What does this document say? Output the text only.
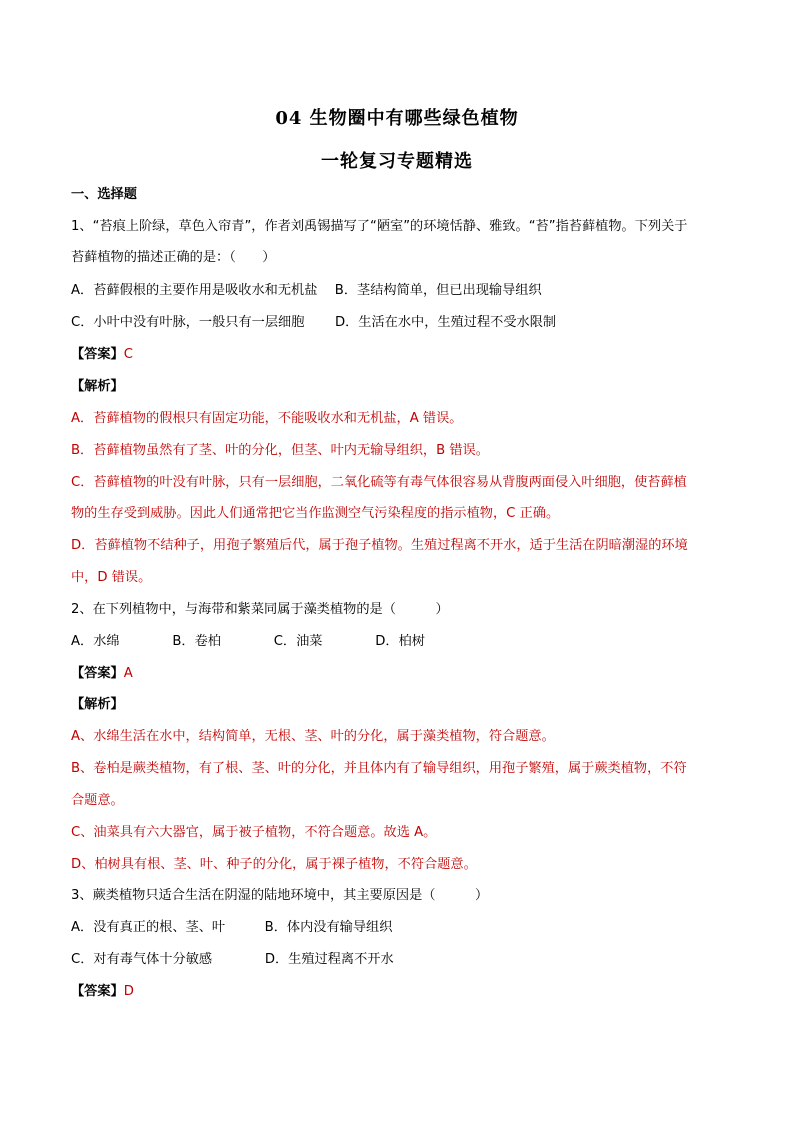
04 生物圈中有哪些绿色植物
一轮复习专题精选
一、选择题
1、“苔痕上阶绿，草色入帘青”，作者刘禹锡描写了“陋室”的环境恬静、雅致。“苔”指苔藓植物。下列关于
苔藓植物的描述正确的是：（　　）
A．苔藓假根的主要作用是吸收水和无机盐　 B．茎结构简单，但已出现输导组织
C．小叶中没有叶脉，一般只有一层细胞　　 D．生活在水中，生殖过程不受水限制
【答案】C
【解析】
A．苔藓植物的假根只有固定功能，不能吸收水和无机盐，A 错误。
B．苔藓植物虽然有了茎、叶的分化，但茎、叶内无输导组织，B 错误。
C．苔藓植物的叶没有叶脉，只有一层细胞，二氧化硫等有毒气体很容易从背腹两面侵入叶细胞，使苔藓植
物的生存受到威胁。因此人们通常把它当作监测空气污染程度的指示植物，C 正确。
D．苔藓植物不结种子，用孢子繁殖后代，属于孢子植物。生殖过程离不开水，适于生活在阴暗潮湿的环境
中，D 错误。
2、在下列植物中，与海带和紫菜同属于藻类植物的是（　　　）
A．水绵　　　　B．卷柏　　　　C．油菜　　　　D．柏树
【答案】A
【解析】
A、水绵生活在水中，结构简单，无根、茎、叶的分化，属于藻类植物，符合题意。
B、卷柏是蕨类植物，有了根、茎、叶的分化，并且体内有了输导组织，用孢子繁殖，属于蕨类植物，不符
合题意。
C、油菜具有六大器官，属于被子植物，不符合题意。故选 A。
D、柏树具有根、茎、叶、种子的分化，属于裸子植物，不符合题意。
3、蕨类植物只适合生活在阴湿的陆地环境中，其主要原因是（　　　）
A．没有真正的根、茎、叶　　　B．体内没有输导组织
C．对有毒气体十分敏感　　　　D．生殖过程离不开水
【答案】D
